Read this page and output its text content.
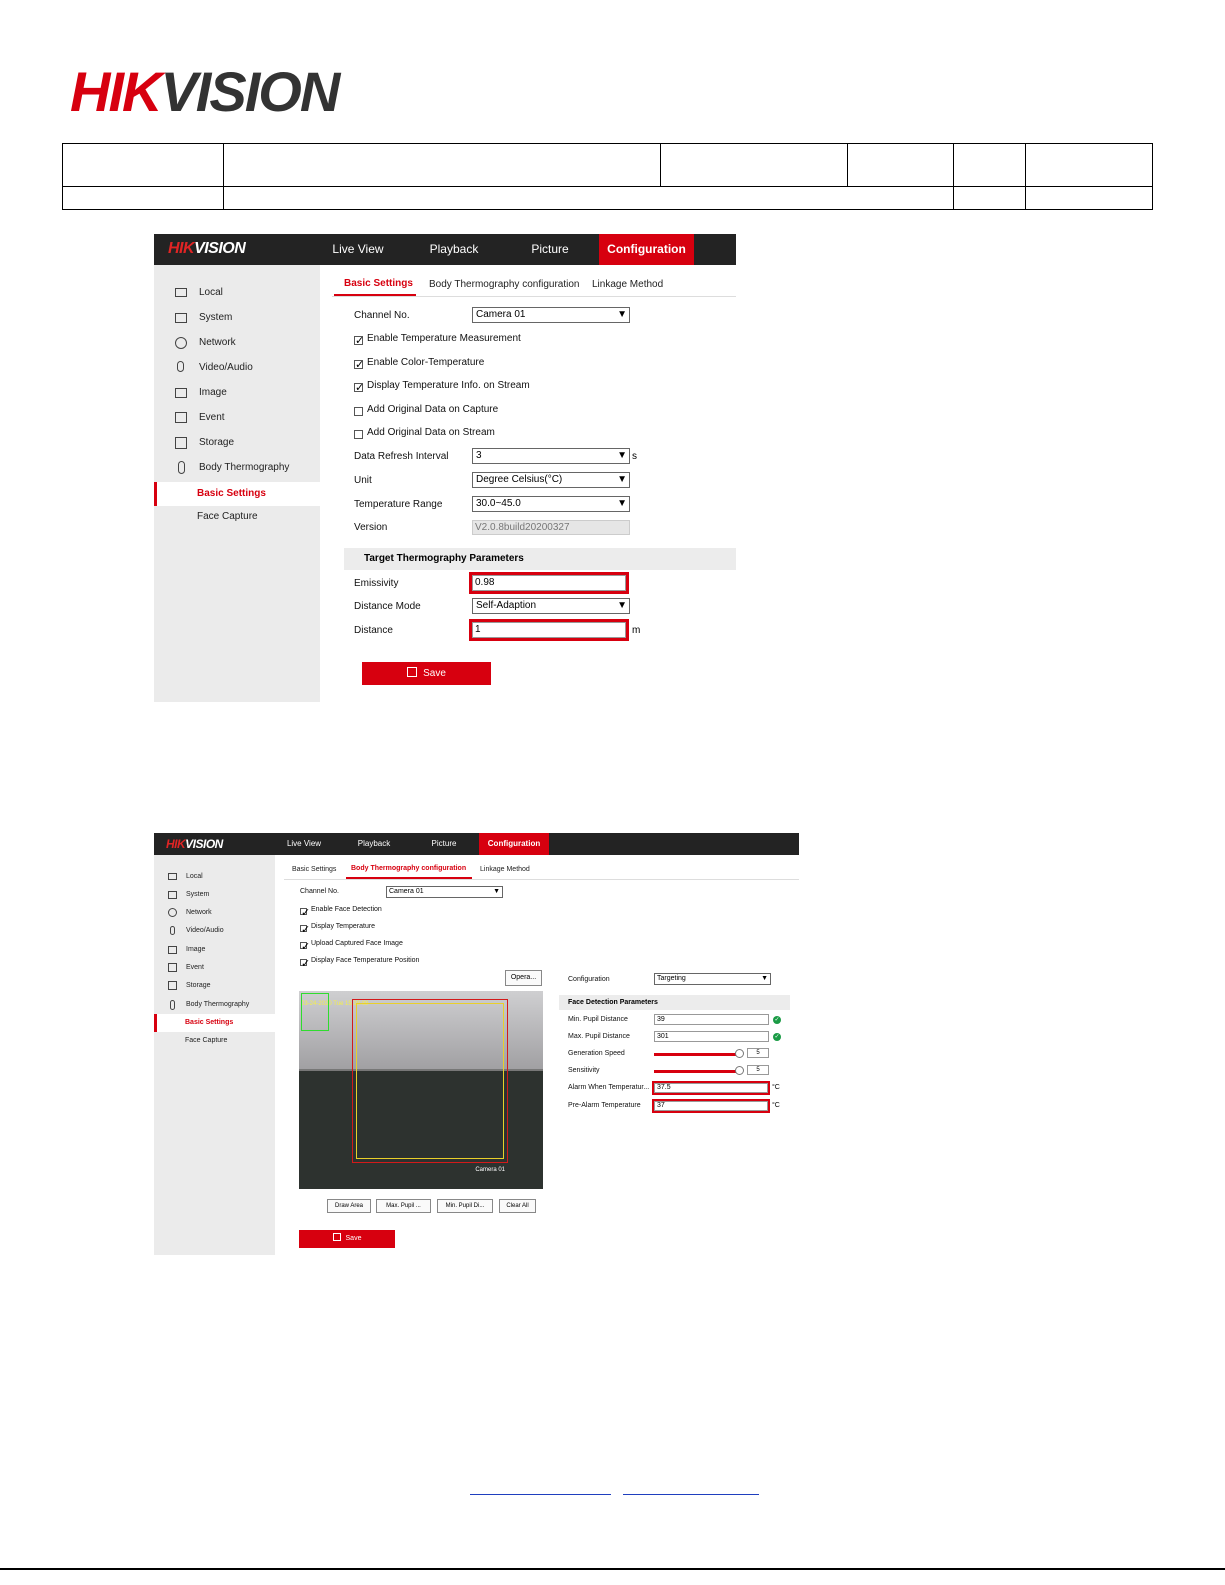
HIKVISION
HIKVISION	Live View	Playback	Picture	Configuration
Local
System
Network
Video/Audio
Image
Event
Storage
Body Thermography
Basic Settings
Face Capture
Basic Settings Body Thermography configuration Linkage Method
Channel No.	Camera 01	▼
✓
Enable Temperature Measurement
✓
Enable Color-Temperature
✓
Display Temperature Info. on Stream
Add Original Data on Capture
Add Original Data on Stream
Data Refresh Interval	3	▼ s
Unit	Degree Celsius(°C)	▼
Temperature Range	30.0~45.0	▼
Version	V2.0.8build20200327
Target Thermography Parameters
Emissivity	0.98
Distance Mode	Self-Adaption	▼
Distance	1	m
Save
HIKVISION	Live View	Playback	Picture	Configuration
Local
System
Network
Video/Audio
Image
Event
Storage
Body Thermography
Basic Settings
Face Capture
Basic Settings Body Thermography configuration Linkage Method
Channel No.	Camera 01	▼
✓
Enable Face Detection
✓
Display Temperature
✓
Upload Captured Face Image
✓
Display Face Temperature Position
Opera...
03-24-2020 Tue 15:39:09
Camera 01
Configuration	Targeting	▼
Face Detection Parameters
Min. Pupil Distance	39	✓
Max. Pupil Distance	301	✓
Generation Speed	5
Sensitivity	5
Alarm When Temperatur...	37.5	°C
Pre-Alarm Temperature	37	°C
Draw Area	Max. Pupil ...	Min. Pupil Di...	Clear All
Save
